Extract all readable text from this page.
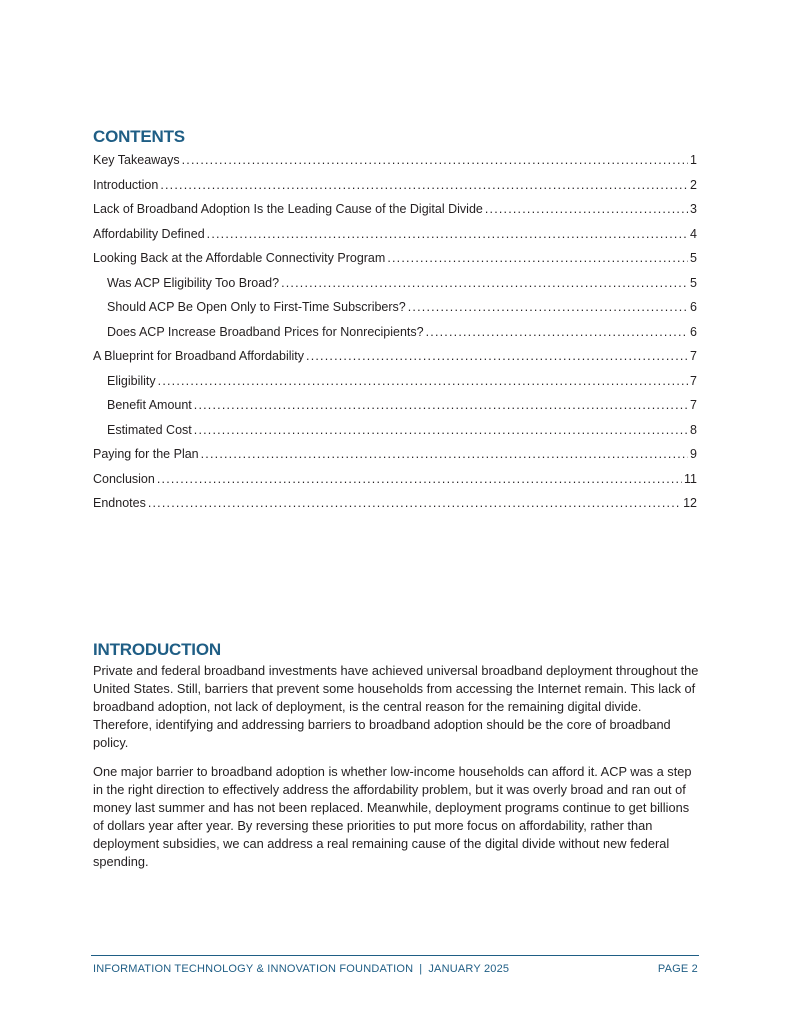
CONTENTS
Key Takeaways .....	1
Introduction .....	2
Lack of Broadband Adoption Is the Leading Cause of the Digital Divide .....	3
Affordability Defined .....	4
Looking Back at the Affordable Connectivity Program .....	5
Was ACP Eligibility Too Broad? .....	5
Should ACP Be Open Only to First-Time Subscribers? .....	6
Does ACP Increase Broadband Prices for Nonrecipients? .....	6
A Blueprint for Broadband Affordability .....	7
Eligibility .....	7
Benefit Amount .....	7
Estimated Cost .....	8
Paying for the Plan .....	9
Conclusion .....	11
Endnotes .....	12
INTRODUCTION

Private and federal broadband investments have achieved universal broadband deployment throughout the United States. Still, barriers that prevent some households from accessing the Internet remain. This lack of broadband adoption, not lack of deployment, is the central reason for the remaining digital divide. Therefore, identifying and addressing barriers to broadband adoption should be the core of broadband policy.

One major barrier to broadband adoption is whether low-income households can afford it. ACP was a step in the right direction to effectively address the affordability problem, but it was overly broad and ran out of money last summer and has not been replaced. Meanwhile, deployment programs continue to get billions of dollars year after year. By reversing these priorities to put more focus on affordability, rather than deployment subsidies, we can address a real remaining cause of the digital divide without new federal spending.

INFORMATION TECHNOLOGY & INNOVATION FOUNDATION | JANUARY 2025	PAGE 2
